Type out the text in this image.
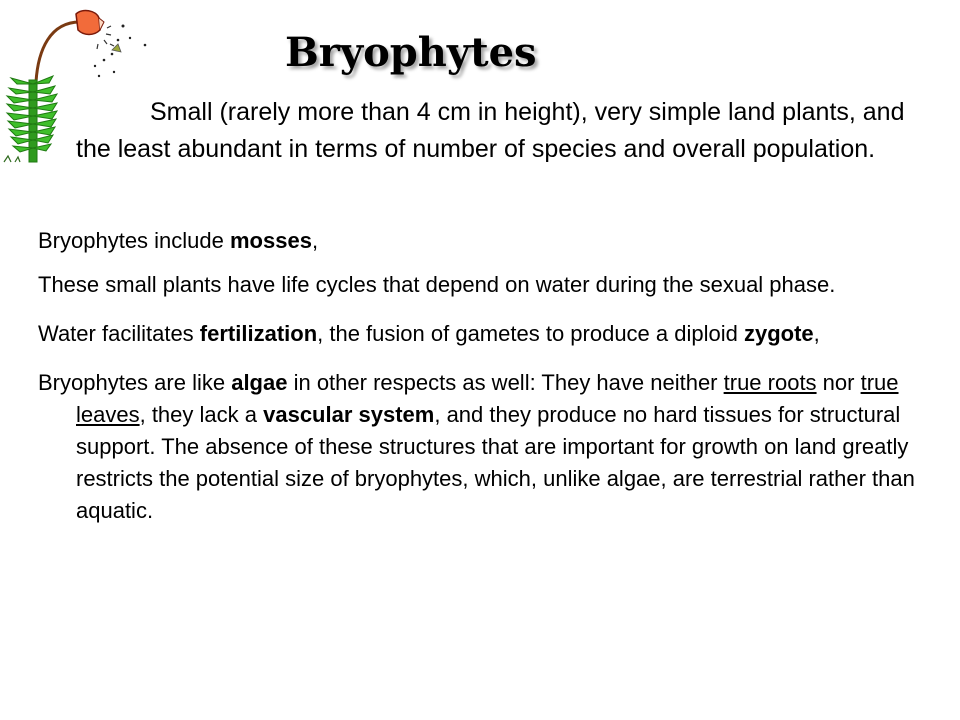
Bryophytes

Small (rarely more than 4 cm in height), very simple land plants, and the least abundant in terms of number of species and overall population.

Bryophytes include mosses,

These small plants have life cycles that depend on water during the sexual phase.

Water facilitates fertilization, the fusion of gametes to produce a diploid zygote,

Bryophytes are like algae in other respects as well: They have neither true roots nor true leaves, they lack a vascular system, and they produce no hard tissues for structural support. The absence of these structures that are important for growth on land greatly restricts the potential size of bryophytes, which, unlike algae, are terrestrial rather than aquatic.
